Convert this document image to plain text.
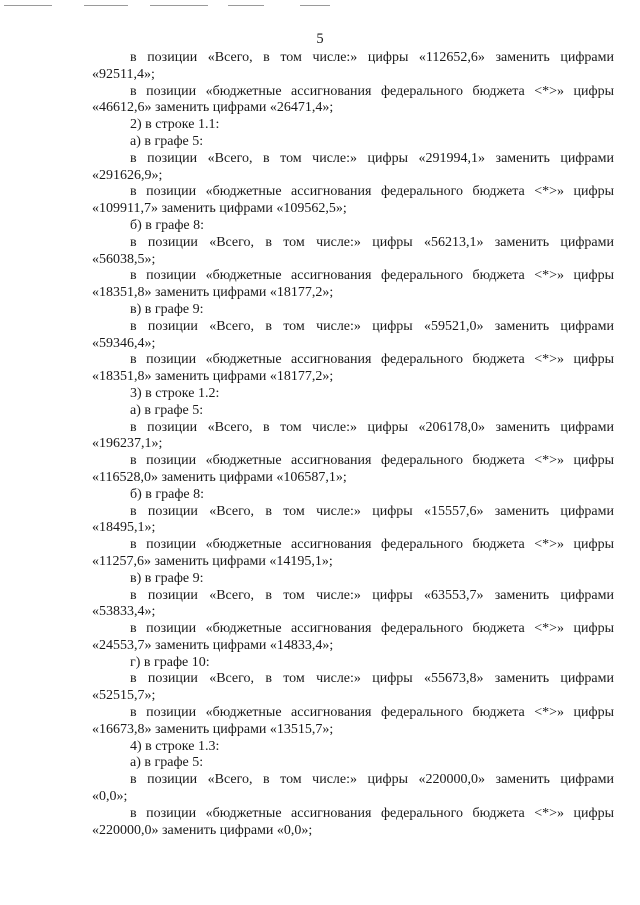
5
в позиции «Всего, в том числе:» цифры «112652,6» заменить цифрами
«92511,4»;
в позиции «бюджетные ассигнования федерального бюджета <*>» цифры
«46612,6» заменить цифрами «26471,4»;
2) в строке 1.1:
а) в графе 5:
в позиции «Всего, в том числе:» цифры «291994,1» заменить цифрами
«291626,9»;
в позиции «бюджетные ассигнования федерального бюджета <*>» цифры
«109911,7» заменить цифрами «109562,5»;
б) в графе 8:
в позиции «Всего, в том числе:» цифры «56213,1» заменить цифрами
«56038,5»;
в позиции «бюджетные ассигнования федерального бюджета <*>» цифры
«18351,8» заменить цифрами «18177,2»;
в) в графе 9:
в позиции «Всего, в том числе:» цифры «59521,0» заменить цифрами
«59346,4»;
в позиции «бюджетные ассигнования федерального бюджета <*>» цифры
«18351,8» заменить цифрами «18177,2»;
3) в строке 1.2:
а) в графе 5:
в позиции «Всего, в том числе:» цифры «206178,0» заменить цифрами
«196237,1»;
в позиции «бюджетные ассигнования федерального бюджета <*>» цифры
«116528,0» заменить цифрами «106587,1»;
б) в графе 8:
в позиции «Всего, в том числе:» цифры «15557,6» заменить цифрами
«18495,1»;
в позиции «бюджетные ассигнования федерального бюджета <*>» цифры
«11257,6» заменить цифрами «14195,1»;
в) в графе 9:
в позиции «Всего, в том числе:» цифры «63553,7» заменить цифрами
«53833,4»;
в позиции «бюджетные ассигнования федерального бюджета <*>» цифры
«24553,7» заменить цифрами «14833,4»;
г) в графе 10:
в позиции «Всего, в том числе:» цифры «55673,8» заменить цифрами
«52515,7»;
в позиции «бюджетные ассигнования федерального бюджета <*>» цифры
«16673,8» заменить цифрами «13515,7»;
4) в строке 1.3:
а) в графе 5:
в позиции «Всего, в том числе:» цифры «220000,0» заменить цифрами
«0,0»;
в позиции «бюджетные ассигнования федерального бюджета <*>» цифры
«220000,0» заменить цифрами «0,0»;
